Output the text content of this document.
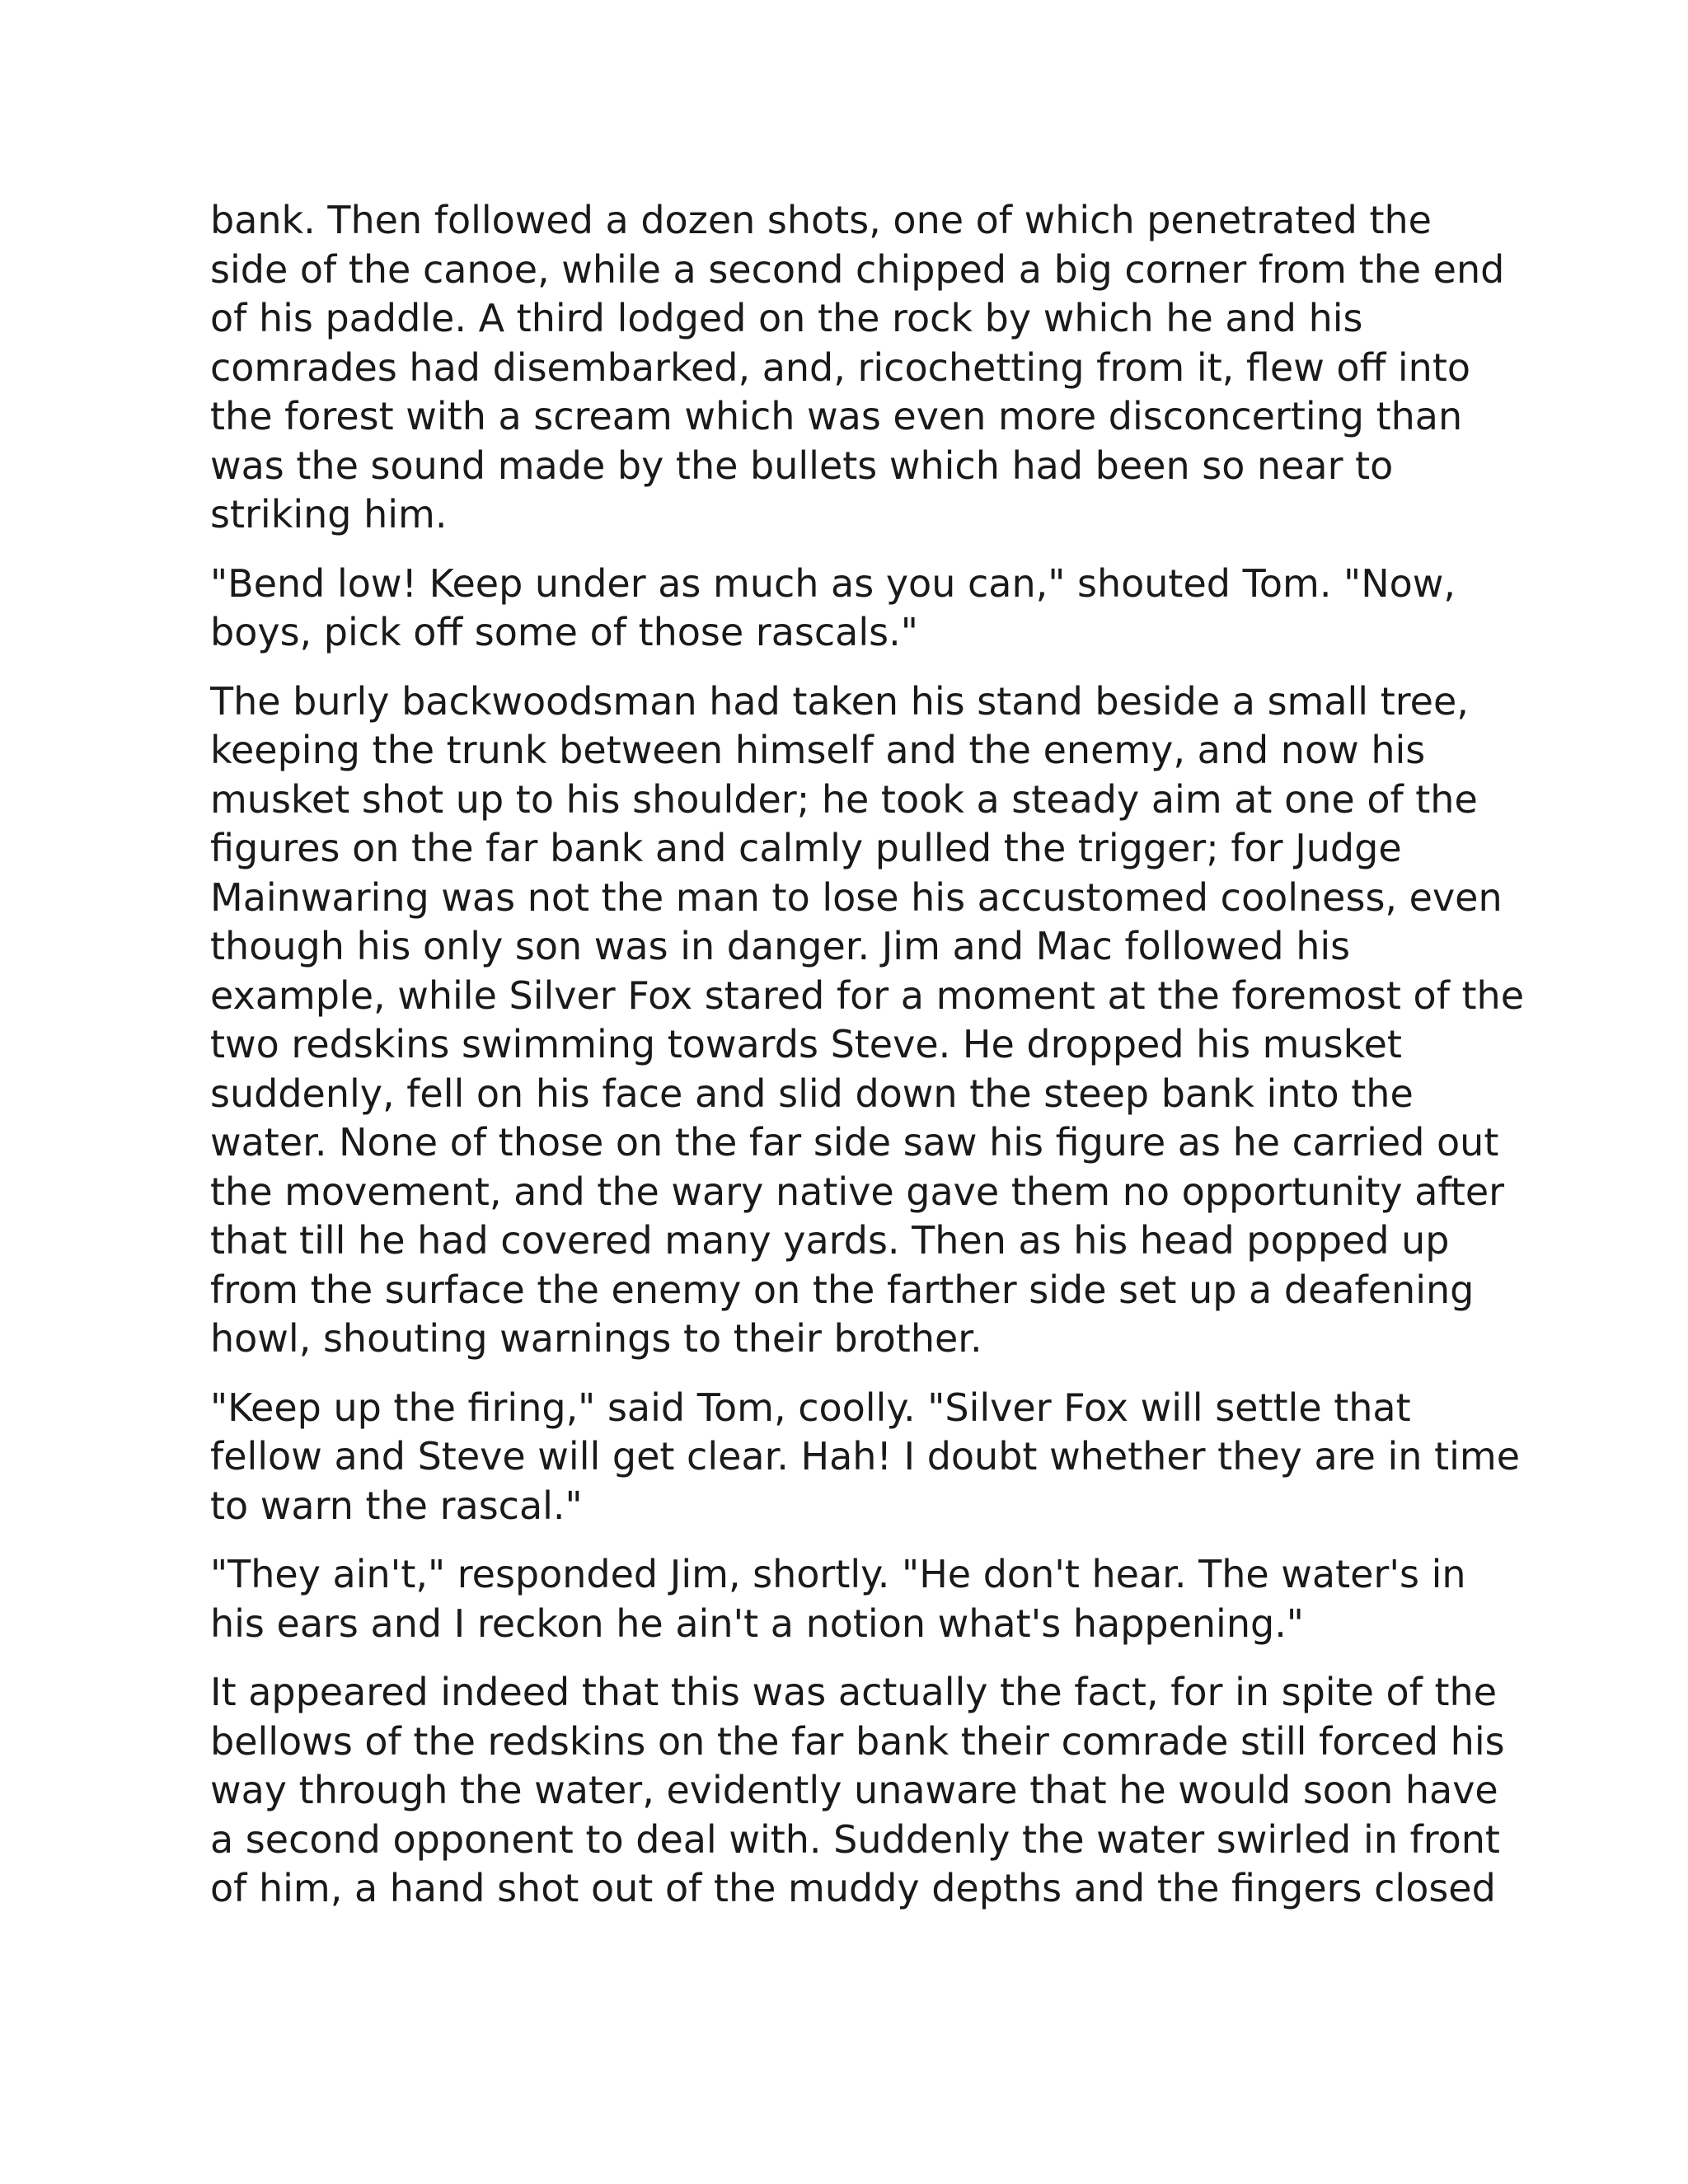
bank. Then followed a dozen shots, one of which penetrated the
side of the canoe, while a second chipped a big corner from the end
of his paddle. A third lodged on the rock by which he and his
comrades had disembarked, and, ricochetting from it, flew off into
the forest with a scream which was even more disconcerting than
was the sound made by the bullets which had been so near to
striking him.

"Bend low! Keep under as much as you can," shouted Tom. "Now,
boys, pick off some of those rascals."

The burly backwoodsman had taken his stand beside a small tree,
keeping the trunk between himself and the enemy, and now his
musket shot up to his shoulder; he took a steady aim at one of the
figures on the far bank and calmly pulled the trigger; for Judge
Mainwaring was not the man to lose his accustomed coolness, even
though his only son was in danger. Jim and Mac followed his
example, while Silver Fox stared for a moment at the foremost of the
two redskins swimming towards Steve. He dropped his musket
suddenly, fell on his face and slid down the steep bank into the
water. None of those on the far side saw his figure as he carried out
the movement, and the wary native gave them no opportunity after
that till he had covered many yards. Then as his head popped up
from the surface the enemy on the farther side set up a deafening
howl, shouting warnings to their brother.

"Keep up the firing," said Tom, coolly. "Silver Fox will settle that
fellow and Steve will get clear. Hah! I doubt whether they are in time
to warn the rascal."

"They ain't," responded Jim, shortly. "He don't hear. The water's in
his ears and I reckon he ain't a notion what's happening."

It appeared indeed that this was actually the fact, for in spite of the
bellows of the redskins on the far bank their comrade still forced his
way through the water, evidently unaware that he would soon have
a second opponent to deal with. Suddenly the water swirled in front
of him, a hand shot out of the muddy depths and the fingers closed
